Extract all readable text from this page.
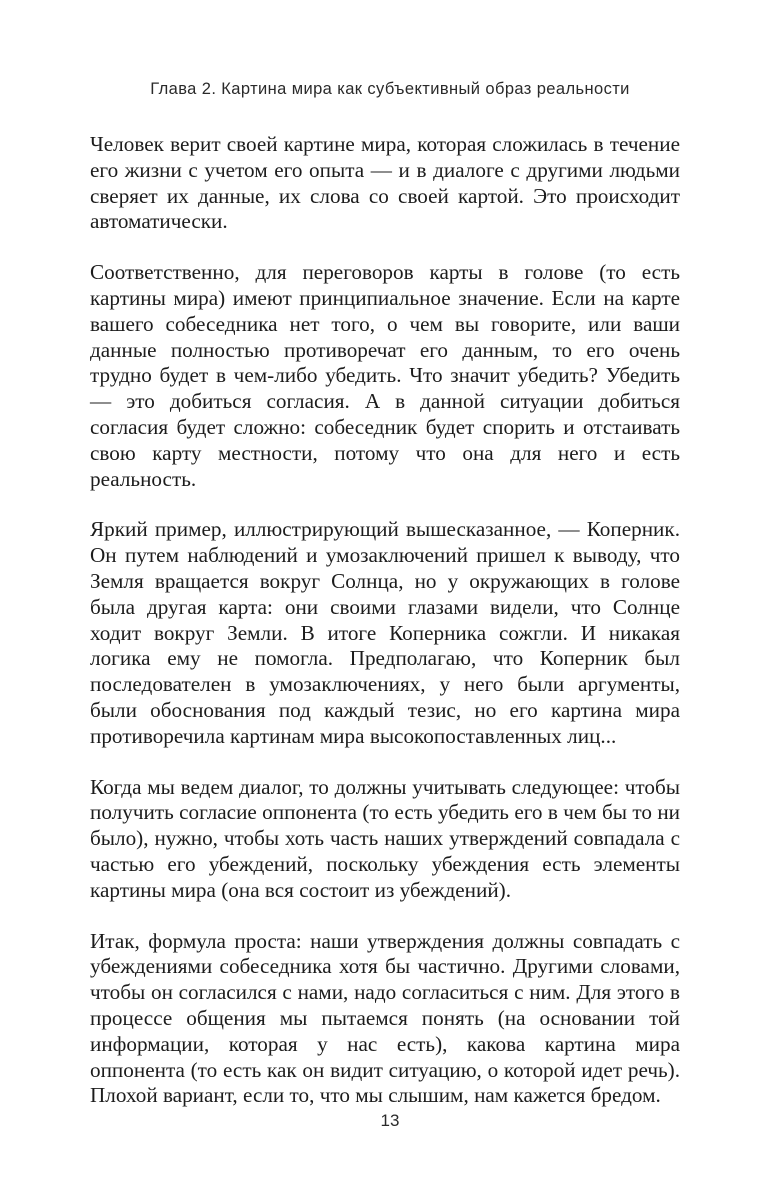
Глава 2. Картина мира как субъективный образ реальности

Человек верит своей картине мира, которая сложилась в течение его жизни с учетом его опыта — и в диалоге с другими людьми сверяет их данные, их слова со своей картой. Это происходит автоматически.

Соответственно, для переговоров карты в голове (то есть картины мира) имеют принципиальное значение. Если на карте вашего собеседника нет того, о чем вы говорите, или ваши данные полностью противоречат его данным, то его очень трудно будет в чем-либо убедить. Что значит убедить? Убедить — это добиться согласия. А в данной ситуации добиться согласия будет сложно: собеседник будет спорить и отстаивать свою карту местности, потому что она для него и есть реальность.

Яркий пример, иллюстрирующий вышесказанное, — Коперник. Он путем наблюдений и умозаключений пришел к выводу, что Земля вращается вокруг Солнца, но у окружающих в голове была другая карта: они своими глазами видели, что Солнце ходит вокруг Земли. В итоге Коперника сожгли. И никакая логика ему не помогла. Предполагаю, что Коперник был последователен в умозаключениях, у него были аргументы, были обоснования под каждый тезис, но его картина мира противоречила картинам мира высокопоставленных лиц...

Когда мы ведем диалог, то должны учитывать следующее: чтобы получить согласие оппонента (то есть убедить его в чем бы то ни было), нужно, чтобы хоть часть наших утверждений совпадала с частью его убеждений, поскольку убеждения есть элементы картины мира (она вся состоит из убеждений).

Итак, формула проста: наши утверждения должны совпадать с убеждениями собеседника хотя бы частично. Другими словами, чтобы он согласился с нами, надо согласиться с ним. Для этого в процессе общения мы пытаемся понять (на основании той информации, которая у нас есть), какова картина мира оппонента (то есть как он видит ситуацию, о которой идет речь). Плохой вариант, если то, что мы слышим, нам кажется бредом.

13
